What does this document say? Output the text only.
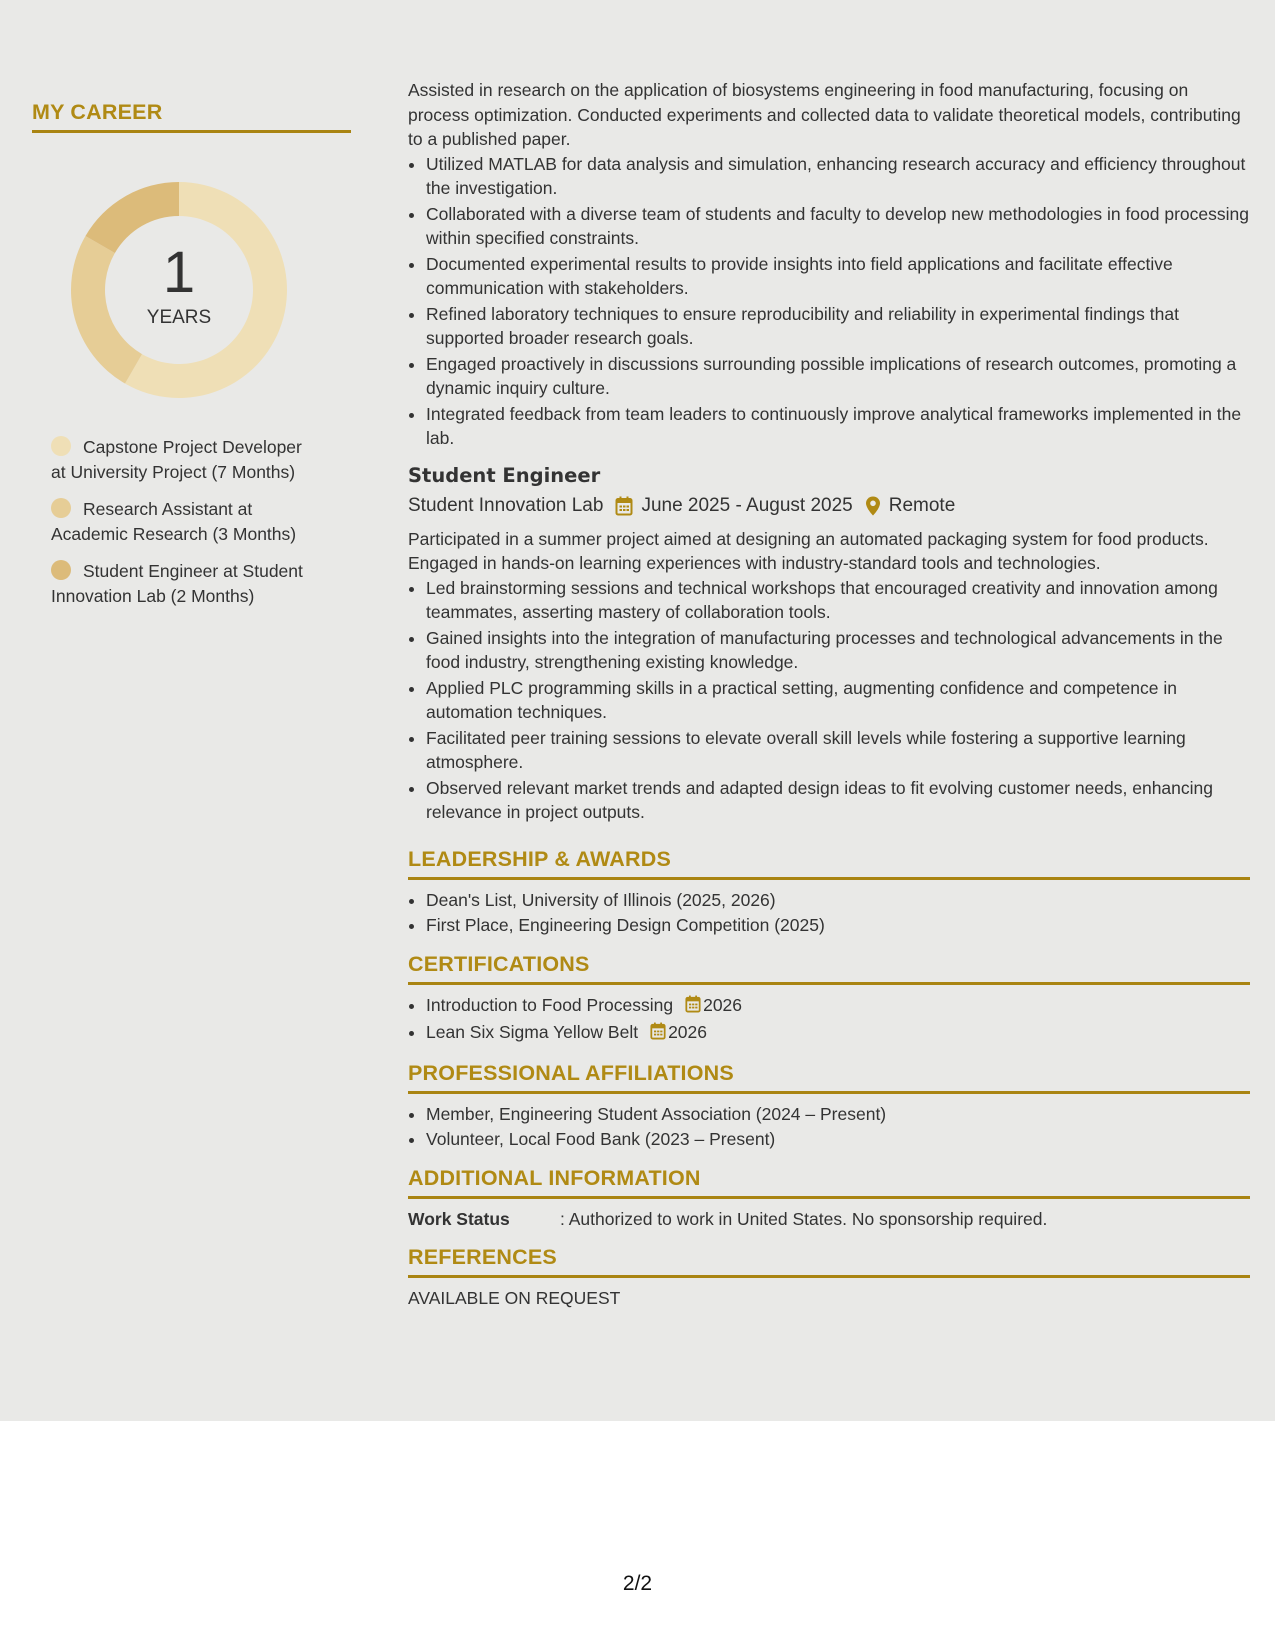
MY CAREER
1
YEARS
Capstone Project Developer at University Project (7 Months)
Research Assistant at Academic Research (3 Months)
Student Engineer at Student Innovation Lab (2 Months)

Assisted in research on the application of biosystems engineering in food manufacturing, focusing on process optimization. Conducted experiments and collected data to validate theoretical models, contributing to a published paper.

• Utilized MATLAB for data analysis and simulation, enhancing research accuracy and efficiency throughout the investigation.
• Collaborated with a diverse team of students and faculty to develop new methodologies in food processing within specified constraints.
• Documented experimental results to provide insights into field applications and facilitate effective communication with stakeholders.
• Refined laboratory techniques to ensure reproducibility and reliability in experimental findings that supported broader research goals.
• Engaged proactively in discussions surrounding possible implications of research outcomes, promoting a dynamic inquiry culture.
• Integrated feedback from team leaders to continuously improve analytical frameworks implemented in the lab.
Student Engineer
Student Innovation Lab June 2025 - August 2025 Remote

Participated in a summer project aimed at designing an automated packaging system for food products. Engaged in hands-on learning experiences with industry-standard tools and technologies.

• Led brainstorming sessions and technical workshops that encouraged creativity and innovation among teammates, asserting mastery of collaboration tools.
• Gained insights into the integration of manufacturing processes and technological advancements in the food industry, strengthening existing knowledge.
• Applied PLC programming skills in a practical setting, augmenting confidence and competence in automation techniques.
• Facilitated peer training sessions to elevate overall skill levels while fostering a supportive learning atmosphere.
• Observed relevant market trends and adapted design ideas to fit evolving customer needs, enhancing relevance in project outputs.
LEADERSHIP & AWARDS
• Dean's List, University of Illinois (2025, 2026)
• First Place, Engineering Design Competition (2025)
CERTIFICATIONS
• Introduction to Food Processing 2026
• Lean Six Sigma Yellow Belt 2026
PROFESSIONAL AFFILIATIONS
• Member, Engineering Student Association (2024 – Present)
• Volunteer, Local Food Bank (2023 – Present)
ADDITIONAL INFORMATION
Work Status	: Authorized to work in United States. No sponsorship required.
REFERENCES
AVAILABLE ON REQUEST
2/2
